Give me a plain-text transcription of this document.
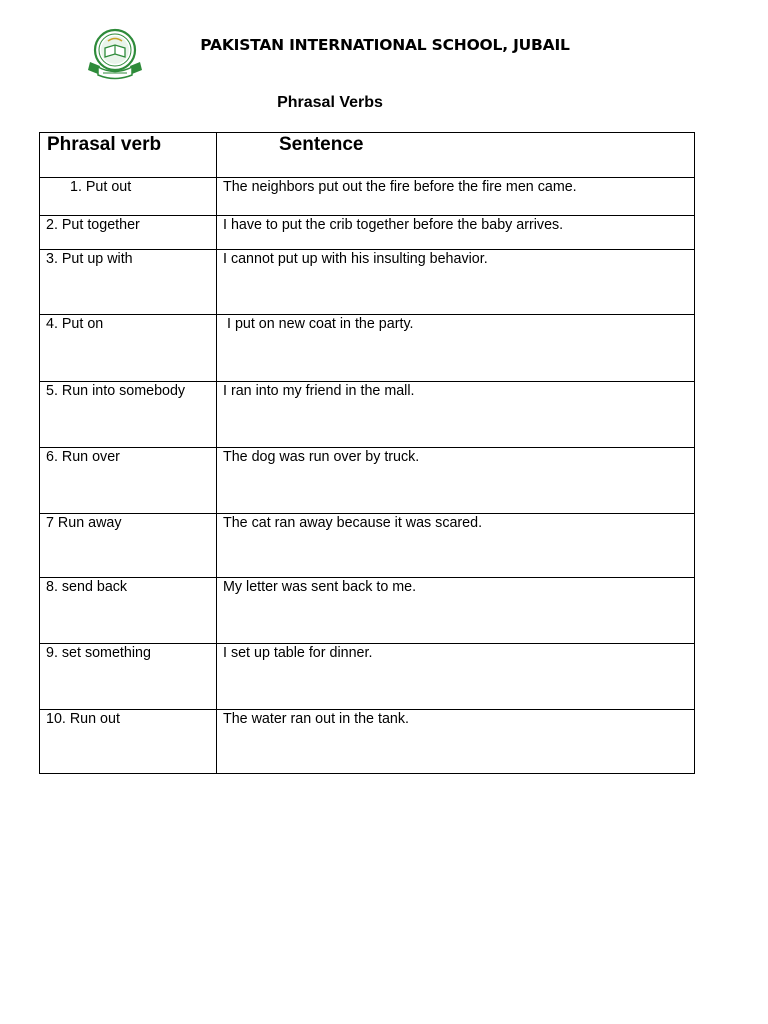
PAKISTAN INTERNATIONAL SCHOOL, JUBAIL
Phrasal Verbs
Phrasal verb	Sentence

1. Put out	The neighbors put out the fire before the fire men came.

2. Put together	I have to put the crib together before the baby arrives.

3. Put up with	I cannot put up with his insulting behavior.

4. Put on	I put on new coat in the party.

5. Run into somebody	I ran into my friend in the mall.

6. Run over	The dog was run over by truck.

7 Run away	The cat ran away because it was scared.

8. send back	My letter was sent back to me.

9. set something	I set up table for dinner.

10. Run out	The water ran out in the tank.
